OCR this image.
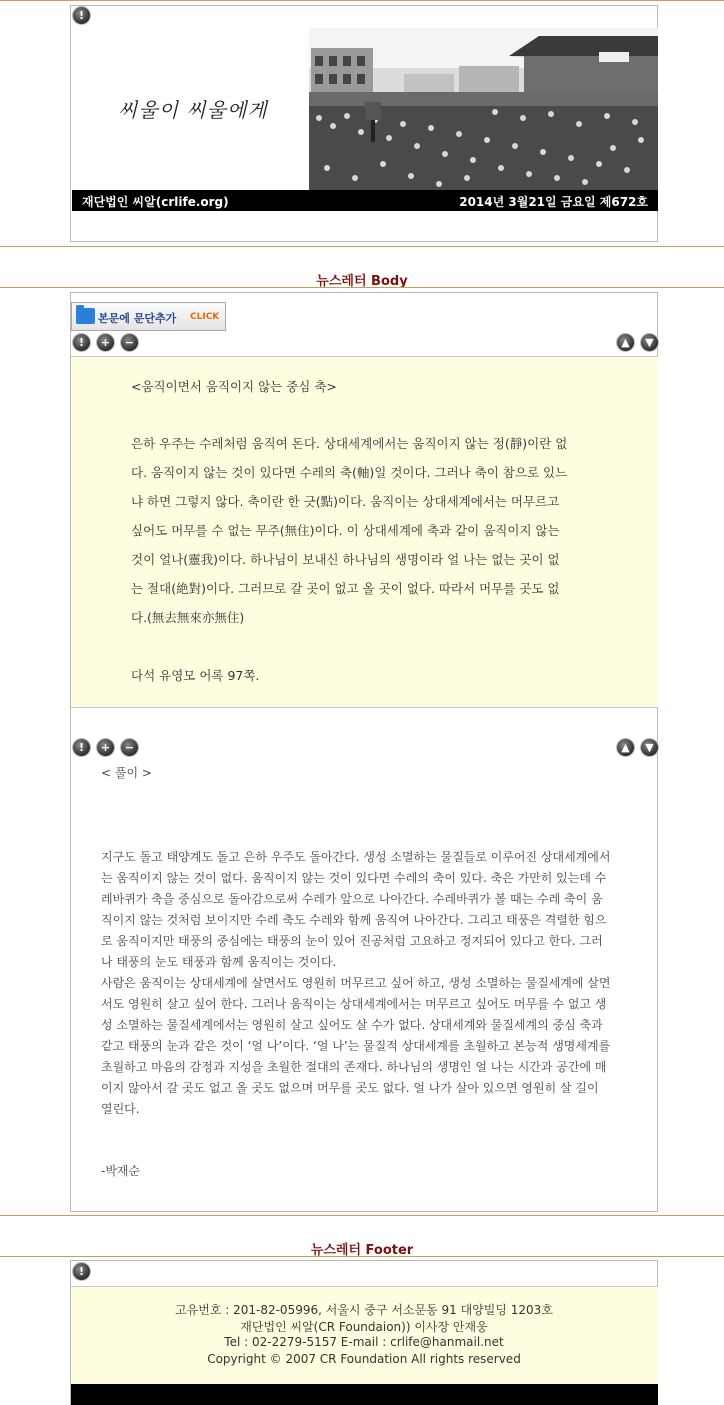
!
씨울이 씨울에게
재단법인 씨알(crlife.org)	2014년 3월21일 금요일 제672호
뉴스레터 Body
본문에 문단추가 CLICK
!	+	−	▲	▼
<움직이면서 움직이지 않는 중심 축>
은하 우주는 수레처럼 움직여 돈다. 상대세계에서는 움직이지 않는 정(靜)이란 없
다. 움직이지 않는 것이 있다면 수레의 축(軸)일 것이다. 그러나 축이 참으로 있느
냐 하면 그렇지 않다. 축이란 한 긋(點)이다. 움직이는 상대세계에서는 머무르고
싶어도 머무를 수 없는 무주(無住)이다. 이 상대세계에 축과 같이 움직이지 않는
것이 얼나(靈我)이다. 하나님이 보내신 하나님의 생명이라 얼 나는 없는 곳이 없
는 절대(絶對)이다. 그러므로 갈 곳이 없고 올 곳이 없다. 따라서 머무를 곳도 없
다.(無去無來亦無住)
다석 유영모 어록 97쪽.
!	+	−	▲	▼
< 풀이 >
지구도 돌고 태양계도 돌고 은하 우주도 돌아간다. 생성 소멸하는 물질들로 이루어진 상대세계에서
는 움직이지 않는 것이 없다. 움직이지 않는 것이 있다면 수레의 축이 있다. 축은 가만히 있는데 수
레바퀴가 축을 중심으로 돌아감으로써 수레가 앞으로 나아간다. 수레바퀴가 볼 때는 수레 축이 움
직이지 않는 것처럼 보이지만 수레 축도 수레와 함께 움직여 나아간다. 그리고 태풍은 격렬한 힘으
로 움직이지만 태풍의 중심에는 태풍의 눈이 있어 진공처럼 고요하고 정지되어 있다고 한다. 그러
나 태풍의 눈도 태풍과 함께 움직이는 것이다.
사람은 움직이는 상대세계에 살면서도 영원히 머무르고 싶어 하고, 생성 소멸하는 물질세계에 살면
서도 영원히 살고 싶어 한다. 그러나 움직이는 상대세계에서는 머무르고 싶어도 머무를 수 없고 생
성 소멸하는 물질세계에서는 영원히 살고 싶어도 살 수가 없다. 상대세계와 물질세계의 중심 축과
같고 태풍의 눈과 같은 것이 ‘얼 나’이다. ‘얼 나’는 물질적 상대세계를 초월하고 본능적 생명세계를
초월하고 마음의 감정과 지성을 초월한 절대의 존재다. 하나님의 생명인 얼 나는 시간과 공간에 매
이지 않아서 갈 곳도 없고 올 곳도 없으며 머무를 곳도 없다. 얼 나가 살아 있으면 영원히 살 길이
열린다.
-박재순
뉴스레터 Footer
!
고유번호 : 201-82-05996, 서울시 중구 서소문동 91 대양빌딩 1203호
재단법인 씨알(CR Foundaion)) 이사장 안재웅
Tel : 02-2279-5157 E-mail : crlife@hanmail.net
Copyright © 2007 CR Foundation All rights reserved
